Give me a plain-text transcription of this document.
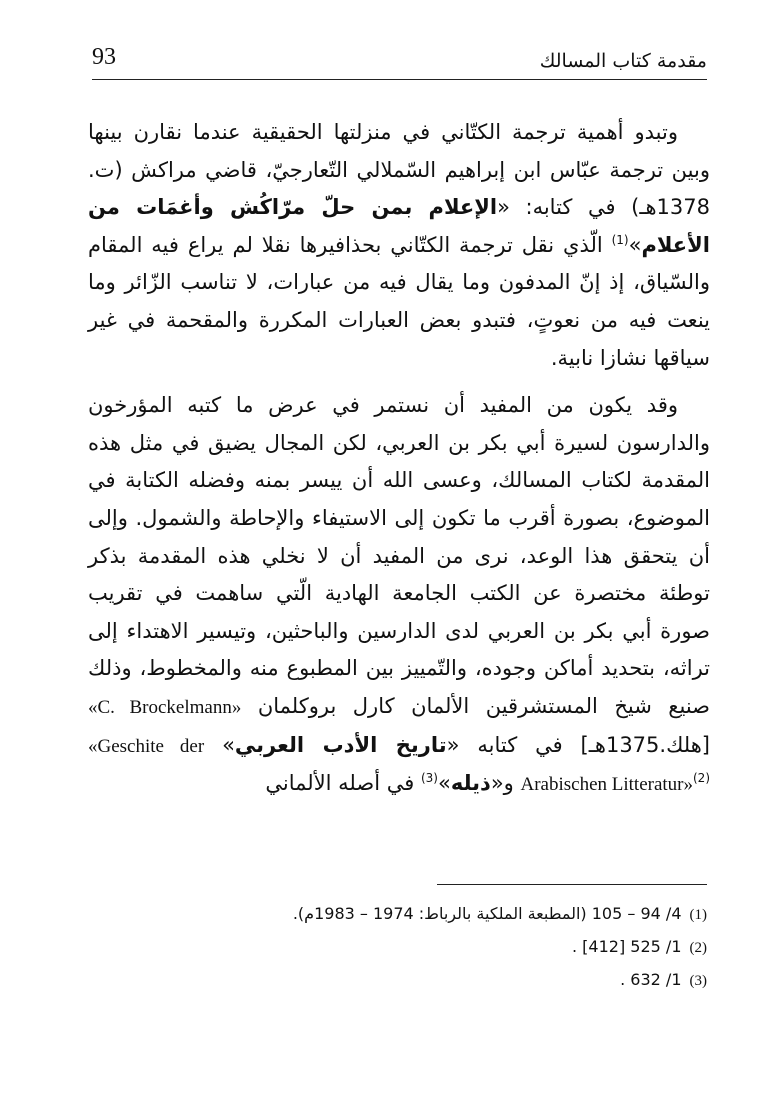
93	مقدمة كتاب المسالك

وتبدو أهمية ترجمة الكتّاني في منزلتها الحقيقية عندما نقارن بينها وبين ترجمة عبّاس ابن إبراهيم السّملالي التّعارجيّ، قاضي مراكش (ت. 1378هـ) في كتابه: «الإعلام بمن حلّ مرّاكُش وأغمَات من الأعلام»$^{(1)}$ الّذي نقل ترجمة الكتّاني بحذافيرها نقلا لم يراع فيه المقام والسّياق، إذ إنّ المدفون وما يقال فيه من عبارات، لا تناسب الزّائر وما ينعت فيه من نعوتٍ، فتبدو بعض العبارات المكررة والمقحمة في غير سياقها نشازا نابية.

وقد يكون من المفيد أن نستمر في عرض ما كتبه المؤرخون والدارسون لسيرة أبي بكر بن العربي، لكن المجال يضيق في مثل هذه المقدمة لكتاب المسالك، وعسى الله أن ييسر بمنه وفضله الكتابة في الموضوع، بصورة أقرب ما تكون إلى الاستيفاء والإحاطة والشمول. وإلى أن يتحقق هذا الوعد، نرى من المفيد أن لا نخلي هذه المقدمة بذكر توطئة مختصرة عن الكتب الجامعة الهادية الّتي ساهمت في تقريب صورة أبي بكر بن العربي لدى الدارسين والباحثين، وتيسير الاهتداء إلى تراثه، بتحديد أماكن وجوده، والتّمييز بين المطبوع منه والمخطوط، وذلك صنيع شيخ المستشرقين الألمان كارل بروكلمان «C. Brockelmann» [هلك.1375هـ] في كتابه «تاريخ الأدب العربي» «Geschite der Arabischen Litteratur»$^{(2)}$ و«ذيله»$^{(3)}$ في أصله الألماني

(1)4/ 94 – 105 (المطبعة الملكية بالرباط: 1974 – 1983م).
(2)1/ 525 [412] .
(3)1/ 632 .
